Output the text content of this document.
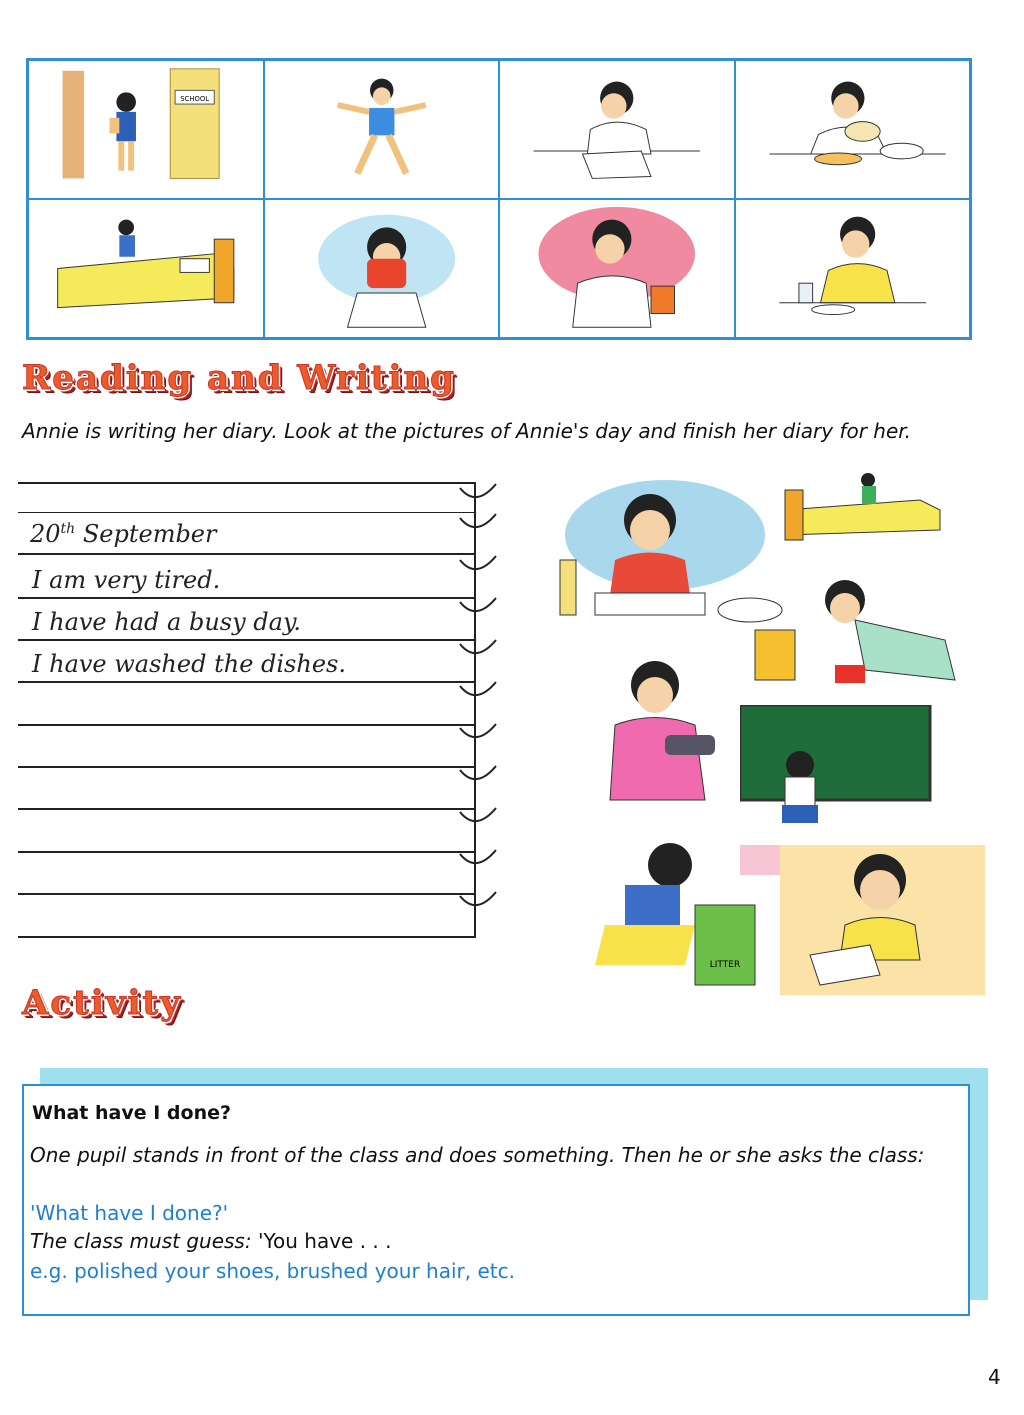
SCHOOL
Reading and Writing
Annie is writing her diary. Look at the pictures of Annie's day and finish her diary for her.
20th September
I am very tired.
I have had a busy day.
I have washed the dishes.
LITTER
Activity
What have I done?
One pupil stands in front of the class and does something. Then he or she asks the class:
'What have I done?'
The class must guess: 'You have . . .
e.g. polished your shoes, brushed your hair, etc.
4
